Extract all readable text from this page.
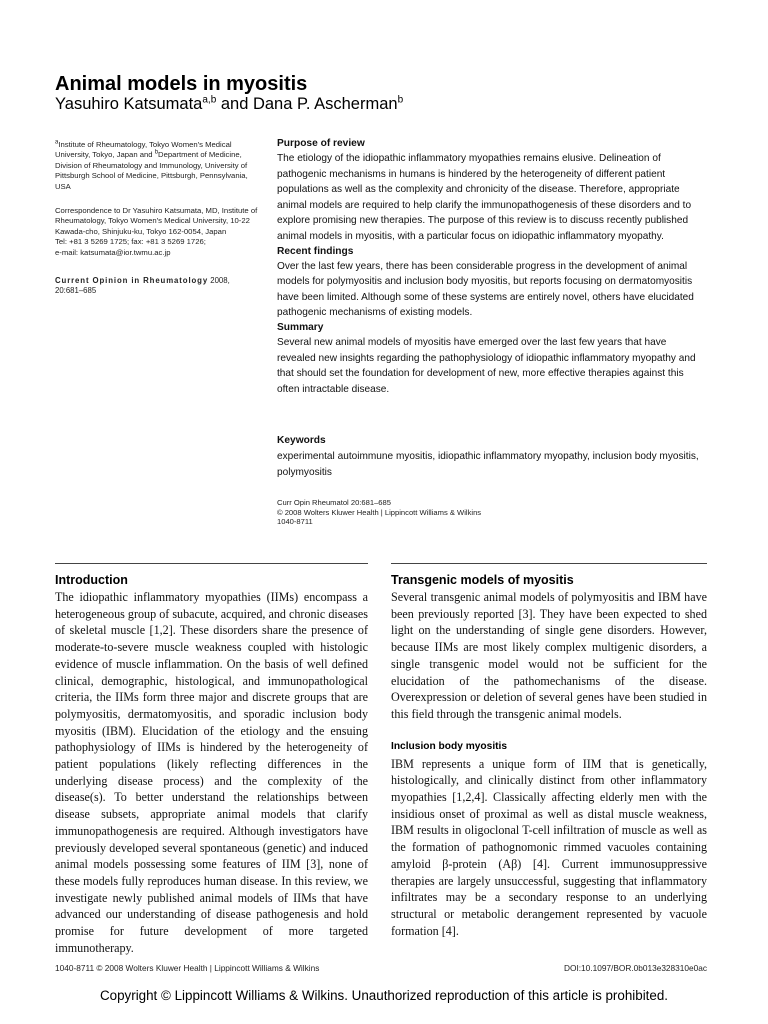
Animal models in myositis
Yasuhiro Katsumata$^{a,b}$ and Dana P. Ascherman$^b$
$^a$Institute of Rheumatology, Tokyo Women's Medical University, Tokyo, Japan and $^b$Department of Medicine, Division of Rheumatology and Immunology, University of Pittsburgh School of Medicine, Pittsburgh, Pennsylvania, USA
Correspondence to Dr Yasuhiro Katsumata, MD, Institute of Rheumatology, Tokyo Women's Medical University, 10-22 Kawada-cho, Shinjuku-ku, Tokyo 162-0054, Japan
Tel: +81 3 5269 1725; fax: +81 3 5269 1726;
e-mail: katsumata@ior.twmu.ac.jp
Current Opinion in Rheumatology 2008,
20:681–685
Purpose of review
The etiology of the idiopathic inflammatory myopathies remains elusive. Delineation of pathogenic mechanisms in humans is hindered by the heterogeneity of different patient populations as well as the complexity and chronicity of the disease. Therefore, appropriate animal models are required to help clarify the immunopathogenesis of these disorders and to explore promising new therapies. The purpose of this review is to discuss recently published animal models in myositis, with a particular focus on idiopathic inflammatory myopathy.
Recent findings
Over the last few years, there has been considerable progress in the development of animal models for polymyositis and inclusion body myositis, but reports focusing on dermatomyositis have been limited. Although some of these systems are entirely novel, others have elucidated pathogenic mechanisms of existing models.
Summary
Several new animal models of myositis have emerged over the last few years that have revealed new insights regarding the pathophysiology of idiopathic inflammatory myopathy and that should set the foundation for development of new, more effective therapies against this often intractable disease.
Keywords
experimental autoimmune myositis, idiopathic inflammatory myopathy, inclusion body myositis, polymyositis
Curr Opin Rheumatol 20:681–685
© 2008 Wolters Kluwer Health | Lippincott Williams & Wilkins
1040-8711
Introduction

The idiopathic inflammatory myopathies (IIMs) encompass a heterogeneous group of subacute, acquired, and chronic diseases of skeletal muscle [1,2]. These disorders share the presence of moderate-to-severe muscle weakness coupled with histologic evidence of muscle inflammation. On the basis of well defined clinical, demographic, histological, and immunopathological criteria, the IIMs form three major and discrete groups that are polymyositis, dermatomyositis, and sporadic inclusion body myositis (IBM). Elucidation of the etiology and the ensuing pathophysiology of IIMs is hindered by the heterogeneity of patient populations (likely reflecting differences in the underlying disease process) and the complexity of the disease(s). To better understand the relationships between disease subsets, appropriate animal models that clarify immunopathogenesis are required. Although investigators have previously developed several spontaneous (genetic) and induced animal models possessing some features of IIM [3], none of these models fully reproduces human disease. In this review, we investigate newly published animal models of IIMs that have advanced our understanding of disease pathogenesis and hold promise for future development of more targeted immunotherapy.

Transgenic models of myositis

Several transgenic animal models of polymyositis and IBM have been previously reported [3]. They have been expected to shed light on the understanding of single gene disorders. However, because IIMs are most likely complex multigenic disorders, a single transgenic model would not be sufficient for the elucidation of the pathomechanisms of the disease. Overexpression or deletion of several genes have been studied in this field through the transgenic animal models.

Inclusion body myositis

IBM represents a unique form of IIM that is genetically, histologically, and clinically distinct from other inflammatory myopathies [1,2,4]. Classically affecting elderly men with the insidious onset of proximal as well as distal muscle weakness, IBM results in oligoclonal T-cell infiltration of muscle as well as the formation of pathognomonic rimmed vacuoles containing amyloid β-protein (Aβ) [4]. Current immunosuppressive therapies are largely unsuccessful, suggesting that inflammatory infiltrates may be a secondary response to an underlying structural or metabolic derangement represented by vacuole formation [4].

1040-8711 © 2008 Wolters Kluwer Health | Lippincott Williams & Wilkins	DOI:10.1097/BOR.0b013e328310e0ac
Copyright © Lippincott Williams & Wilkins. Unauthorized reproduction of this article is prohibited.
